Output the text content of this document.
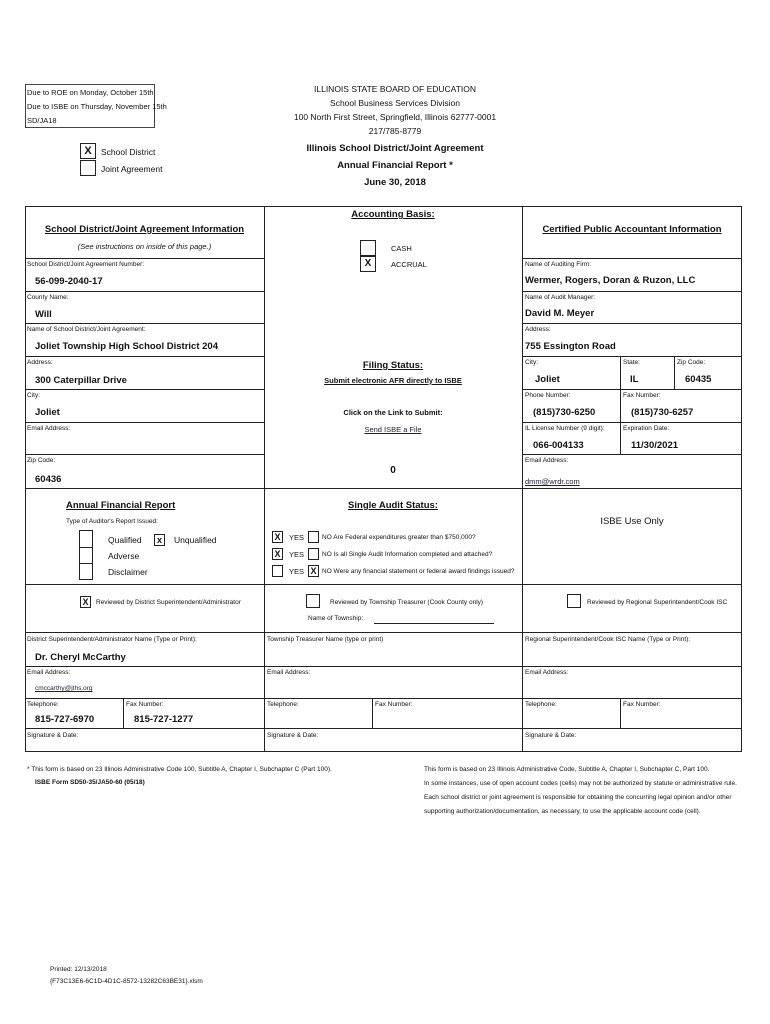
Due to ROE on Monday, October 15th
Due to ISBE on Thursday, November 15th
SD/JA18
ILLINOIS STATE BOARD OF EDUCATION
School Business Services Division
100 North First Street, Springfield, Illinois 62777-0001
217/785-8779
Illinois School District/Joint Agreement
Annual Financial Report *
June 30, 2018
X	School District
Joint Agreement
School District/Joint Agreement Information
(See instructions on inside of this page.)
School District/Joint Agreement Number:
56-099-2040-17
County Name:
Will
Name of School District/Joint Agreement:
Joliet Township High School District 204
Address:
300 Caterpillar Drive
City:
Joliet
Email Address:
Zip Code:
60436
Accounting Basis:
CASH
X	ACCRUAL
Filing Status:
Submit electronic AFR directly to ISBE
Click on the Link to Submit:
Send ISBE a File
0
Certified Public Accountant Information
Name of Auditing Firm:
Wermer, Rogers, Doran & Ruzon, LLC
Name of Audit Manager:
David M. Meyer
Address:
755 Essington Road
City:
Joliet
State:
IL
Zip Code:
60435
Phone Number:
(815)730-6250
Fax Number:
(815)730-6257
IL License Number (9 digit):
066-004133
Expiration Date:
11/30/2021
Email Address:
dmm@wrdr.com
Annual Financial Report
Type of Auditor's Report Issued:
Qualified	x	Unqualified
Adverse
Disclaimer
Single Audit Status:
X	YES	NO Are Federal expenditures greater than $750,000?
X	YES	NO Is all Single Audit Information completed and attached?
YES X NO Were any financial statement or federal award findings issued?
ISBE Use Only
X	Reviewed by District Superintendent/Administrator	Reviewed by Township Treasurer (Cook County only)
Name of Township:
Reviewed by Regional Superintendent/Cook ISC
District Superintendent/Administrator Name (Type or Print):
Dr. Cheryl McCarthy
Email Address:
cmccarthy@jths.org
Telephone:
815-727-6970
Fax Number:
815-727-1277
Signature & Date:
Township Treasurer Name (type or print)
Email Address:
Telephone:	Fax Number:
Signature & Date:
Regional Superintendent/Cook ISC Name (Type or Print):
Email Address:
Telephone:	Fax Number:
Signature & Date:
* This form is based on 23 Illinois Administrative Code 100, Subtitle A, Chapter I, Subchapter C (Part 100).
ISBE Form SD50-35/JA50-60 (05/18)
This form is based on 23 Illinois Administrative Code, Subtitle A, Chapter I, Subchapter C, Part 100.
In some instances, use of open account codes (cells) may not be authorized by statute or administrative rule.
Each school district or joint agreement is responsible for obtaining the concurring legal opinion and/or other
supporting authorization/documentation, as necessary, to use the applicable account code (cell).
Printed: 12/13/2018
{F73C13E6-6C1D-4D1C-8572-13282C63BE31}.xlsm
